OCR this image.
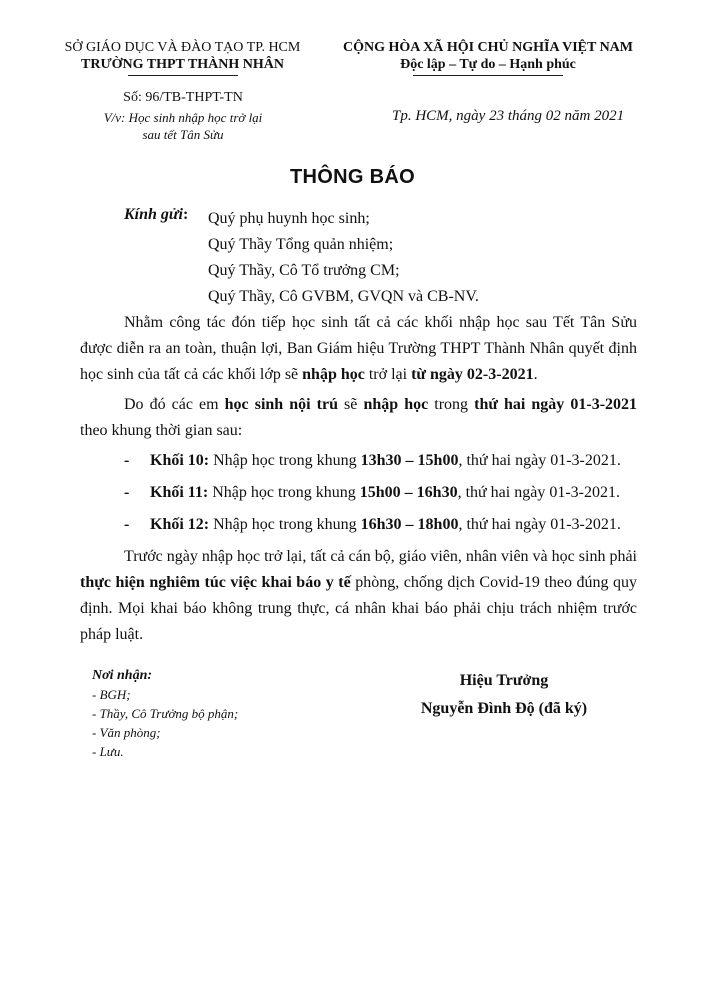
SỞ GIÁO DỤC VÀ ĐÀO TẠO TP. HCM
TRƯỜNG THPT THÀNH NHÂN
CỘNG HÒA XÃ HỘI CHỦ NGHĨA VIỆT NAM
Độc lập – Tự do – Hạnh phúc
Số: 96/TB-THPT-TN
V/v: Học sinh nhập học trở lại
sau tết Tân Sửu
Tp. HCM, ngày 23 tháng 02 năm 2021
THÔNG BÁO
Kính gửi: Quý phụ huynh học sinh;
Quý Thầy Tổng quản nhiệm;
Quý Thầy, Cô Tổ trưởng CM;
Quý Thầy, Cô GVBM, GVQN và CB-NV.
Nhằm công tác đón tiếp học sinh tất cả các khối nhập học sau Tết Tân Sửu được diễn ra an toàn, thuận lợi, Ban Giám hiệu Trường THPT Thành Nhân quyết định học sinh của tất cả các khối lớp sẽ nhập học trở lại từ ngày 02-3-2021.
Do đó các em học sinh nội trú sẽ nhập học trong thứ hai ngày 01-3-2021 theo khung thời gian sau:
- Khối 10: Nhập học trong khung 13h30 – 15h00, thứ hai ngày 01-3-2021.
- Khối 11: Nhập học trong khung 15h00 – 16h30, thứ hai ngày 01-3-2021.
- Khối 12: Nhập học trong khung 16h30 – 18h00, thứ hai ngày 01-3-2021.
Trước ngày nhập học trở lại, tất cả cán bộ, giáo viên, nhân viên và học sinh phải thực hiện nghiêm túc việc khai báo y tế phòng, chống dịch Covid-19 theo đúng quy định. Mọi khai báo không trung thực, cá nhân khai báo phải chịu trách nhiệm trước pháp luật.
Nơi nhận:
- BGH;
- Thầy, Cô Trưởng bộ phận;
- Văn phòng;
- Lưu.
Hiệu Trưởng
Nguyễn Đình Độ (đã ký)
